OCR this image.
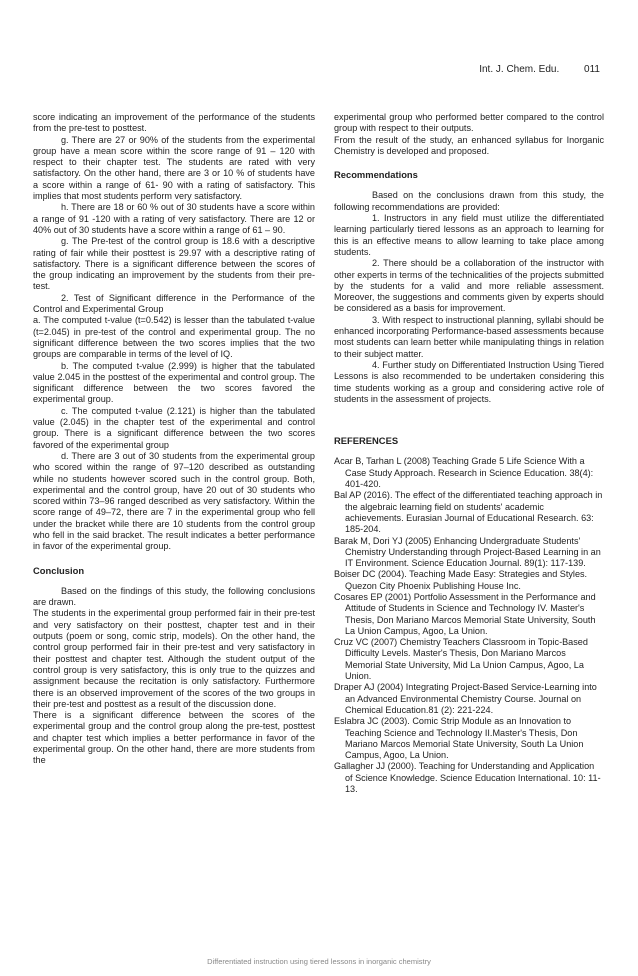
Int. J. Chem. Edu. 011

score indicating an improvement of the performance of the students from the pre-test to posttest.

g. There are 27 or 90% of the students from the experimental group have a mean score within the score range of 91 – 120 with respect to their chapter test. The students are rated with very satisfactory. On the other hand, there are 3 or 10 % of students have a score within a range of 61- 90 with a rating of satisfactory. This implies that most students perform very satisfactory.

h. There are 18 or 60 % out of 30 students have a score within a range of 91 -120 with a rating of very satisfactory. There are 12 or 40% out of 30 students have a score within a range of 61 – 90.

g. The Pre-test of the control group is 18.6 with a descriptive rating of fair while their posttest is 29.97 with a descriptive rating of satisfactory. There is a significant difference between the scores of the group indicating an improvement by the students from their pre-test.

2. Test of Significant difference in the Performance of the Control and Experimental Group

a. The computed t-value (t=0.542) is lesser than the tabulated t-value (t=2.045) in pre-test of the control and experimental group. The no significant difference between the two scores implies that the two groups are comparable in terms of the level of IQ.

b. The computed t-value (2.999) is higher that the tabulated value 2.045 in the posttest of the experimental and control group. The significant difference between the two scores favored the experimental group.

c. The computed t-value (2.121) is higher than the tabulated value (2.045) in the chapter test of the experimental and control group. There is a significant difference between the two scores favored of the experimental group

d. There are 3 out of 30 students from the experimental group who scored within the range of 97–120 described as outstanding while no students however scored such in the control group. Both, experimental and the control group, have 20 out of 30 students who scored within 73–96 ranged described as very satisfactory. Within the score range of 49–72, there are 7 in the experimental group who fell under the bracket while there are 10 students from the control group who fell in the said bracket. The result indicates a better performance in favor of the experimental group.

Conclusion

Based on the findings of this study, the following conclusions are drawn.

The students in the experimental group performed fair in their pre-test and very satisfactory on their posttest, chapter test and in their outputs (poem or song, comic strip, models). On the other hand, the control group performed fair in their pre-test and very satisfactory in their posttest and chapter test. Although the student output of the control group is very satisfactory, this is only true to the quizzes and assignment because the recitation is only satisfactory. Furthermore there is an observed improvement of the scores of the two groups in their pre-test and posttest as a result of the discussion done.

There is a significant difference between the scores of the experimental group and the control group along the pre-test, posttest and chapter test which implies a better performance in favor of the experimental group. On the other hand, there are more students from the

experimental group who performed better compared to the control group with respect to their outputs.

From the result of the study, an enhanced syllabus for Inorganic Chemistry is developed and proposed.

Recommendations

Based on the conclusions drawn from this study, the following recommendations are provided:

1. Instructors in any field must utilize the differentiated learning particularly tiered lessons as an approach to learning for this is an effective means to allow learning to take place among students.

2. There should be a collaboration of the instructor with other experts in terms of the technicalities of the projects submitted by the students for a valid and more reliable assessment. Moreover, the suggestions and comments given by experts should be considered as a basis for improvement.

3. With respect to instructional planning, syllabi should be enhanced incorporating Performance-based assessments because most students can learn better while manipulating things in relation to their subject matter.

4. Further study on Differentiated Instruction Using Tiered Lessons is also recommended to be undertaken considering this time students working as a group and considering active role of students in the assessment of projects.

REFERENCES

Acar B, Tarhan L (2008) Teaching Grade 5 Life Science With a Case Study Approach. Research in Science Education. 38(4): 401-420.

Bal AP (2016). The effect of the differentiated teaching approach in the algebraic learning field on students' academic achievements. Eurasian Journal of Educational Research. 63: 185-204.

Barak M, Dori YJ (2005) Enhancing Undergraduate Students' Chemistry Understanding through Project-Based Learning in an IT Environment. Science Education Journal. 89(1): 117-139.

Boiser DC (2004). Teaching Made Easy: Strategies and Styles. Quezon City Phoenix Publishing House Inc.

Cosares EP (2001) Portfolio Assessment in the Performance and Attitude of Students in Science and Technology IV. Master's Thesis, Don Mariano Marcos Memorial State University, South La Union Campus, Agoo, La Union.

Cruz VC (2007) Chemistry Teachers Classroom in Topic-Based Difficulty Levels. Master's Thesis, Don Mariano Marcos Memorial State University, Mid La Union Campus, Agoo, La Union.

Draper AJ (2004) Integrating Project-Based Service-Learning into an Advanced Environmental Chemistry Course. Journal on Chemical Education.81 (2): 221-224.

Eslabra JC (2003). Comic Strip Module as an Innovation to Teaching Science and Technology II.Master's Thesis, Don Mariano Marcos Memorial State University, South La Union Campus, Agoo, La Union.

Gallagher JJ (2000). Teaching for Understanding and Application of Science Knowledge. Science Education International. 10: 11-13.

Differentiated instruction using tiered lessons in inorganic chemistry
